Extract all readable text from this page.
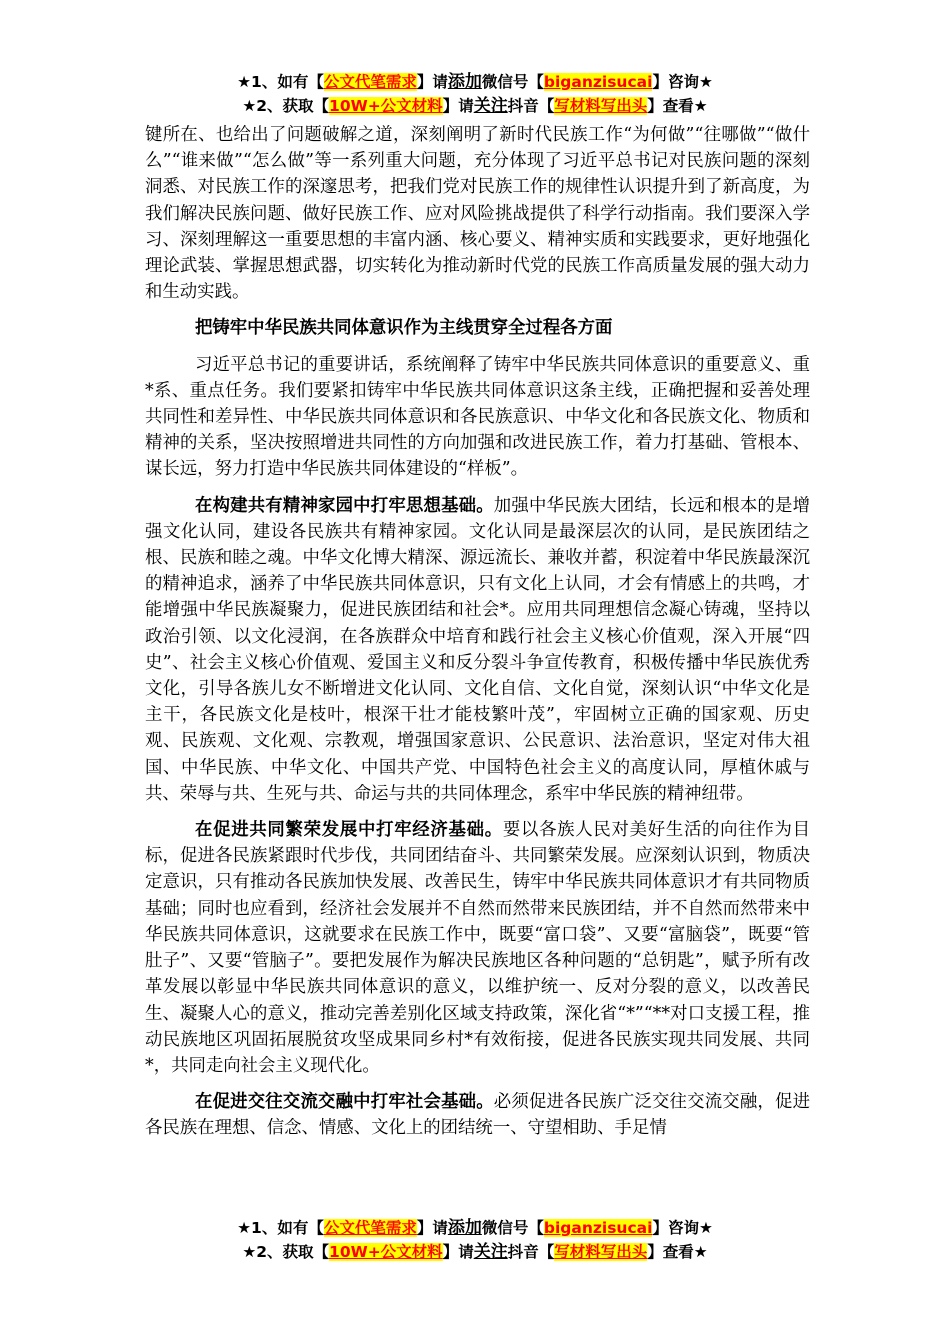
★1、如有【公文代笔需求】请添加微信号【biganzisucai】咨询★
★2、获取【10W+公文材料】请关注抖音【写材料写出头】查看★

键所在、也给出了问题破解之道，深刻阐明了新时代民族工作“为何做”“往哪做”“做什么”“谁来做”“怎么做”等一系列重大问题，充分体现了习近平总书记对民族问题的深刻洞悉、对民族工作的深邃思考，把我们党对民族工作的规律性认识提升到了新高度，为我们解决民族问题、做好民族工作、应对风险挑战提供了科学行动指南。我们要深入学习、深刻理解这一重要思想的丰富内涵、核心要义、精神实质和实践要求，更好地强化理论武装、掌握思想武器，切实转化为推动新时代党的民族工作高质量发展的强大动力和生动实践。

把铸牢中华民族共同体意识作为主线贯穿全过程各方面

习近平总书记的重要讲话，系统阐释了铸牢中华民族共同体意识的重要意义、重*系、重点任务。我们要紧扣铸牢中华民族共同体意识这条主线，正确把握和妥善处理共同性和差异性、中华民族共同体意识和各民族意识、中华文化和各民族文化、物质和精神的关系，坚决按照增进共同性的方向加强和改进民族工作，着力打基础、管根本、谋长远，努力打造中华民族共同体建设的“样板”。

在构建共有精神家园中打牢思想基础。加强中华民族大团结，长远和根本的是增强文化认同，建设各民族共有精神家园。文化认同是最深层次的认同，是民族团结之根、民族和睦之魂。中华文化博大精深、源远流长、兼收并蓄，积淀着中华民族最深沉的精神追求，涵养了中华民族共同体意识，只有文化上认同，才会有情感上的共鸣，才能增强中华民族凝聚力，促进民族团结和社会*。应用共同理想信念凝心铸魂，坚持以政治引领、以文化浸润，在各族群众中培育和践行社会主义核心价值观，深入开展“四史”、社会主义核心价值观、爱国主义和反分裂斗争宣传教育，积极传播中华民族优秀文化，引导各族儿女不断增进文化认同、文化自信、文化自觉，深刻认识“中华文化是主干，各民族文化是枝叶，根深干壮才能枝繁叶茂”，牢固树立正确的国家观、历史观、民族观、文化观、宗教观，增强国家意识、公民意识、法治意识，坚定对伟大祖国、中华民族、中华文化、中国共产党、中国特色社会主义的高度认同，厚植休戚与共、荣辱与共、生死与共、命运与共的共同体理念，系牢中华民族的精神纽带。

在促进共同繁荣发展中打牢经济基础。要以各族人民对美好生活的向往作为目标，促进各民族紧跟时代步伐，共同团结奋斗、共同繁荣发展。应深刻认识到，物质决定意识，只有推动各民族加快发展、改善民生，铸牢中华民族共同体意识才有共同物质基础；同时也应看到，经济社会发展并不自然而然带来民族团结，并不自然而然带来中华民族共同体意识，这就要求在民族工作中，既要“富口袋”、又要“富脑袋”，既要“管肚子”、又要“管脑子”。要把发展作为解决民族地区各种问题的“总钥匙”，赋予所有改革发展以彰显中华民族共同体意识的意义，以维护统一、反对分裂的意义，以改善民生、凝聚人心的意义，推动完善差别化区域支持政策，深化省“*”“**对口支援工程，推动民族地区巩固拓展脱贫攻坚成果同乡村*有效衔接，促进各民族实现共同发展、共同*，共同走向社会主义现代化。

在促进交往交流交融中打牢社会基础。必须促进各民族广泛交往交流交融，促进各民族在理想、信念、情感、文化上的团结统一、守望相助、手足情

★1、如有【公文代笔需求】请添加微信号【biganzisucai】咨询★
★2、获取【10W+公文材料】请关注抖音【写材料写出头】查看★
